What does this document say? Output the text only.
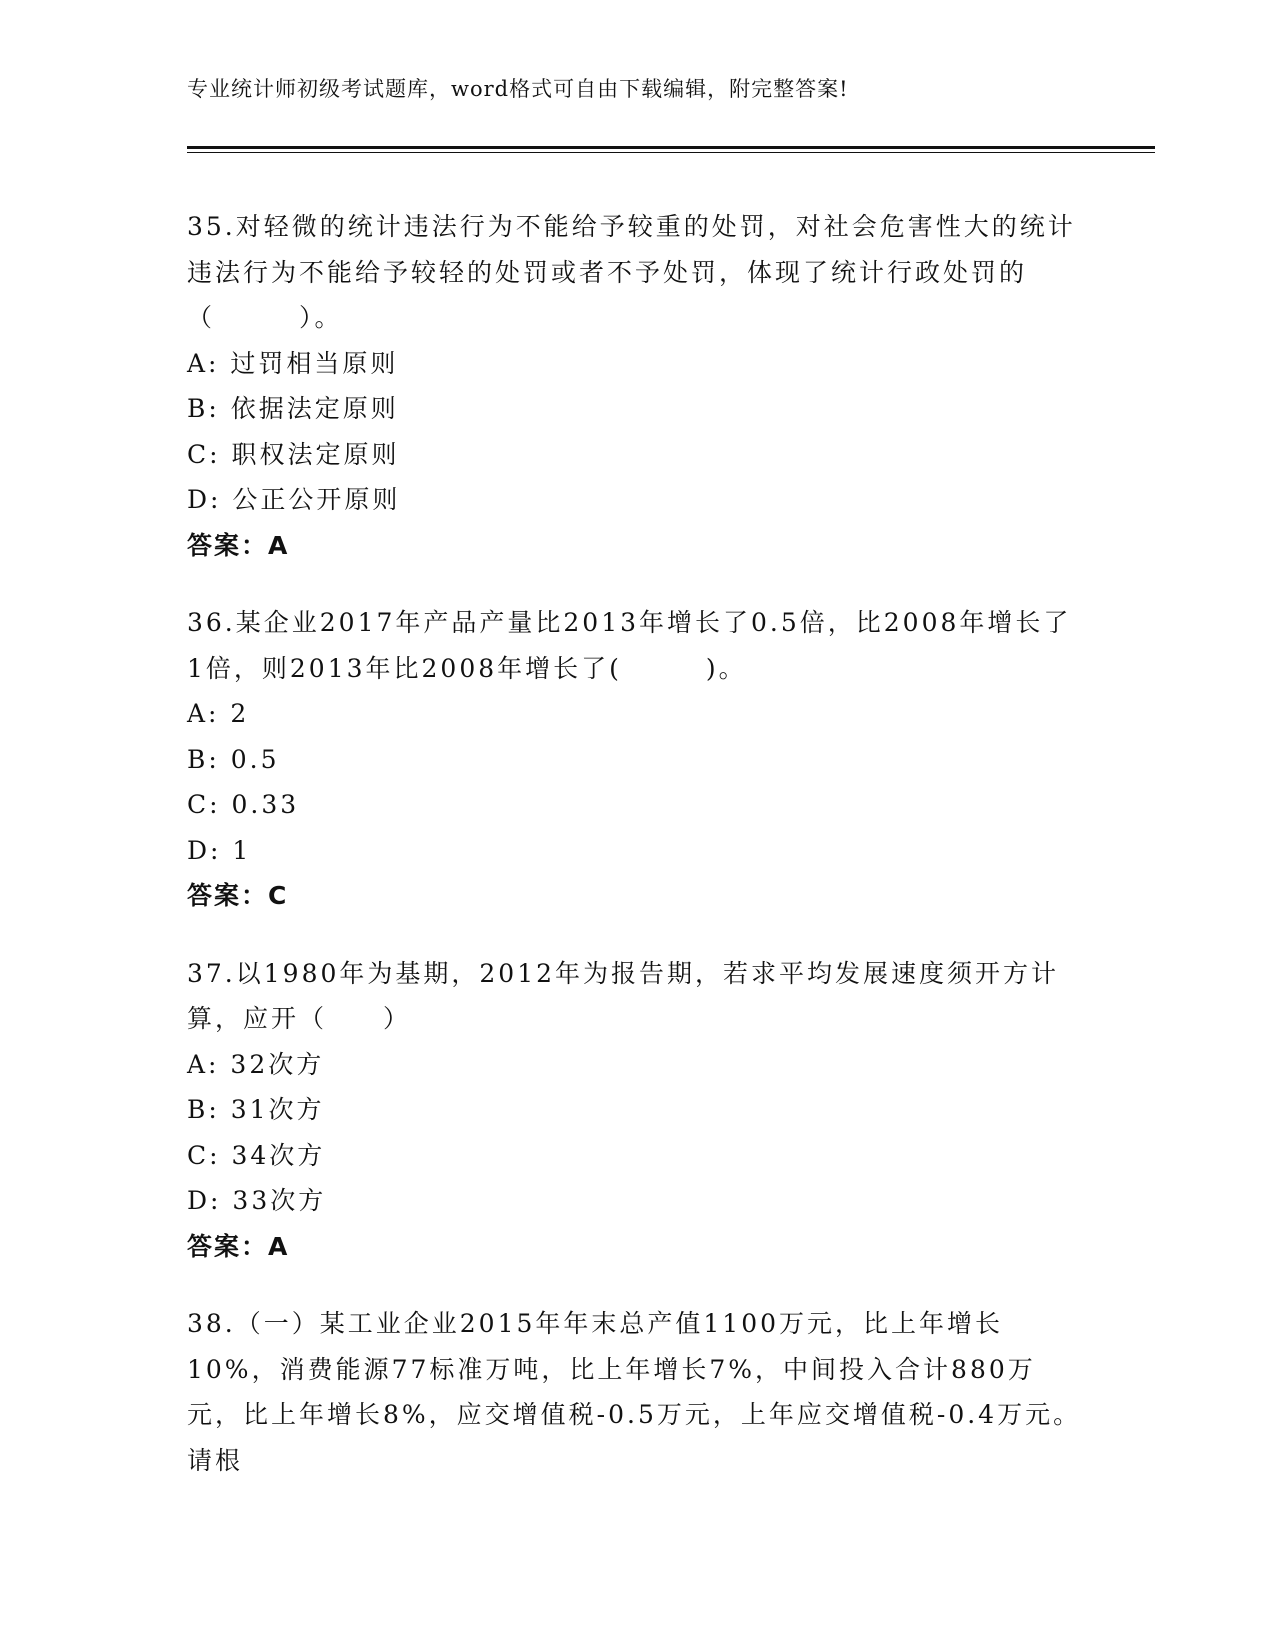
专业统计师初级考试题库，word格式可自由下载编辑，附完整答案!

35.对轻微的统计违法行为不能给予较重的处罚，对社会危害性大的统计违法行为不能给予较轻的处罚或者不予处罚，体现了统计行政处罚的（　　　）。

A: 过罚相当原则

B: 依据法定原则

C: 职权法定原则

D: 公正公开原则

答案：A

36.某企业2017年产品产量比2013年增长了0.5倍，比2008年增长了1倍，则2013年比2008年增长了(　　　)。

A: 2

B: 0.5

C: 0.33

D: 1

答案：C

37.以1980年为基期，2012年为报告期，若求平均发展速度须开方计算，应开（　　）

A: 32次方

B: 31次方

C: 34次方

D: 33次方

答案：A

38.（一）某工业企业2015年年末总产值1100万元，比上年增长10%，消费能源77标准万吨，比上年增长7%，中间投入合计880万元，比上年增长8%，应交增值税-0.5万元，上年应交增值税-0.4万元。请根
